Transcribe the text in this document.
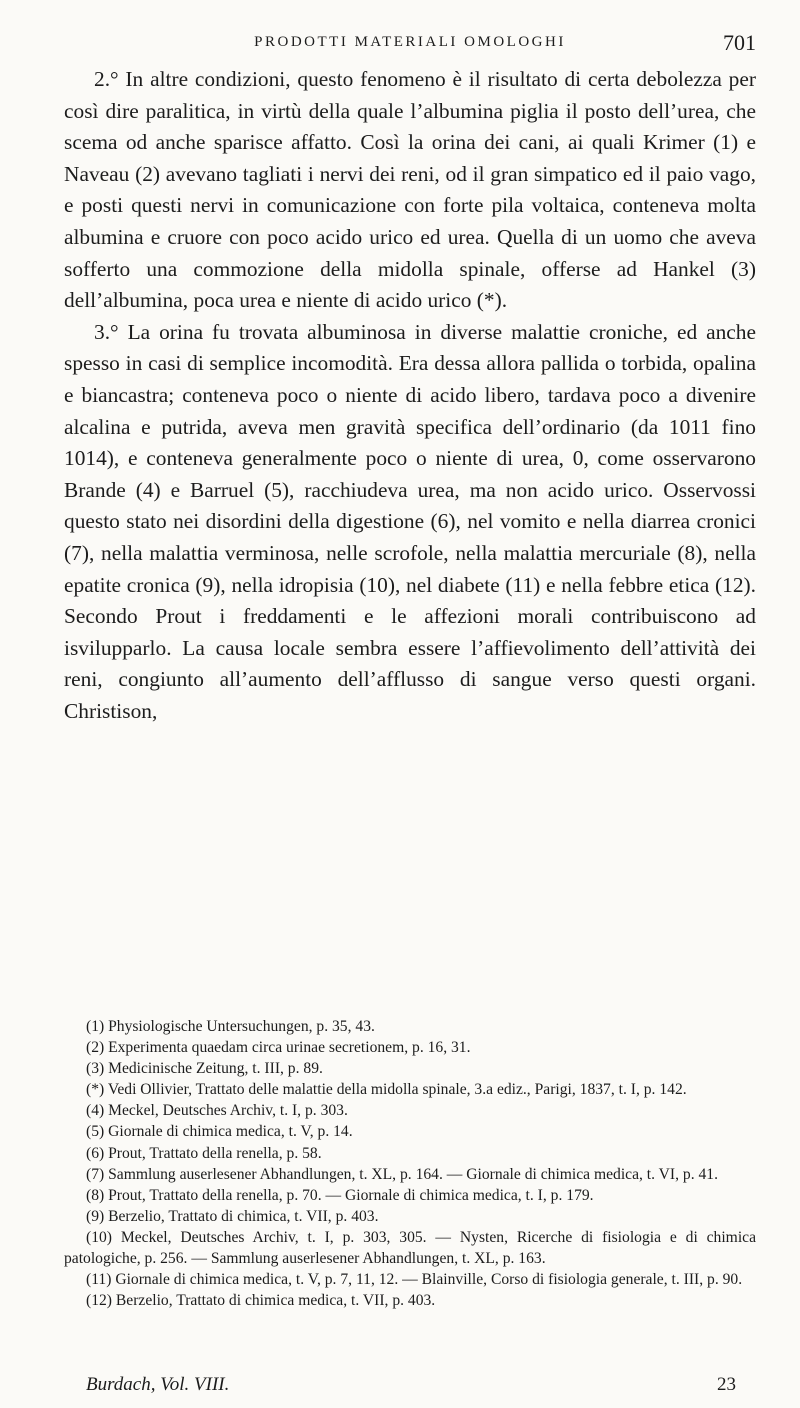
PRODOTTI MATERIALI OMOLOGHI	701

2.° In altre condizioni, questo fenomeno è il risultato di certa debolezza per così dire paralitica, in virtù della quale l’albumina piglia il posto dell’urea, che scema od anche sparisce affatto. Così la orina dei cani, ai quali Krimer (1) e Naveau (2) avevano tagliati i nervi dei reni, od il gran simpatico ed il paio vago, e posti questi nervi in comunicazione con forte pila voltaica, conteneva molta albumina e cruore con poco acido urico ed urea. Quella di un uomo che aveva sofferto una commozione della midolla spinale, offerse ad Hankel (3) dell’albumina, poca urea e niente di acido urico (*).

3.° La orina fu trovata albuminosa in diverse malattie croniche, ed anche spesso in casi di semplice incomodità. Era dessa allora pallida o torbida, opalina e biancastra; conteneva poco o niente di acido libero, tardava poco a divenire alcalina e putrida, aveva men gravità specifica dell’ordinario (da 1011 fino 1014), e conteneva generalmente poco o niente di urea, 0, come osservarono Brande (4) e Barruel (5), racchiudeva urea, ma non acido urico. Osservossi questo stato nei disordini della digestione (6), nel vomito e nella diarrea cronici (7), nella malattia verminosa, nelle scrofole, nella malattia mercuriale (8), nella epatite cronica (9), nella idropisia (10), nel diabete (11) e nella febbre etica (12). Secondo Prout i freddamenti e le affezioni morali contribuiscono ad isvilupparlo. La causa locale sembra essere l’affievolimento dell’attività dei reni, congiunto all’aumento dell’afflusso di sangue verso questi organi. Christison,

(1) Physiologische Untersuchungen, p. 35, 43.

(2) Experimenta quaedam circa urinae secretionem, p. 16, 31.

(3) Medicinische Zeitung, t. III, p. 89.

(*) Vedi Ollivier, Trattato delle malattie della midolla spinale, 3.a ediz., Parigi, 1837, t. I, p. 142.

(4) Meckel, Deutsches Archiv, t. I, p. 303.

(5) Giornale di chimica medica, t. V, p. 14.

(6) Prout, Trattato della renella, p. 58.

(7) Sammlung auserlesener Abhandlungen, t. XL, p. 164. — Giornale di chimica medica, t. VI, p. 41.

(8) Prout, Trattato della renella, p. 70. — Giornale di chimica medica, t. I, p. 179.

(9) Berzelio, Trattato di chimica, t. VII, p. 403.

(10) Meckel, Deutsches Archiv, t. I, p. 303, 305. — Nysten, Ricerche di fisiologia e di chimica patologiche, p. 256. — Sammlung auserlesener Abhandlungen, t. XL, p. 163.

(11) Giornale di chimica medica, t. V, p. 7, 11, 12. — Blainville, Corso di fisiologia generale, t. III, p. 90.

(12) Berzelio, Trattato di chimica medica, t. VII, p. 403.

Burdach, Vol. VIII.	23
